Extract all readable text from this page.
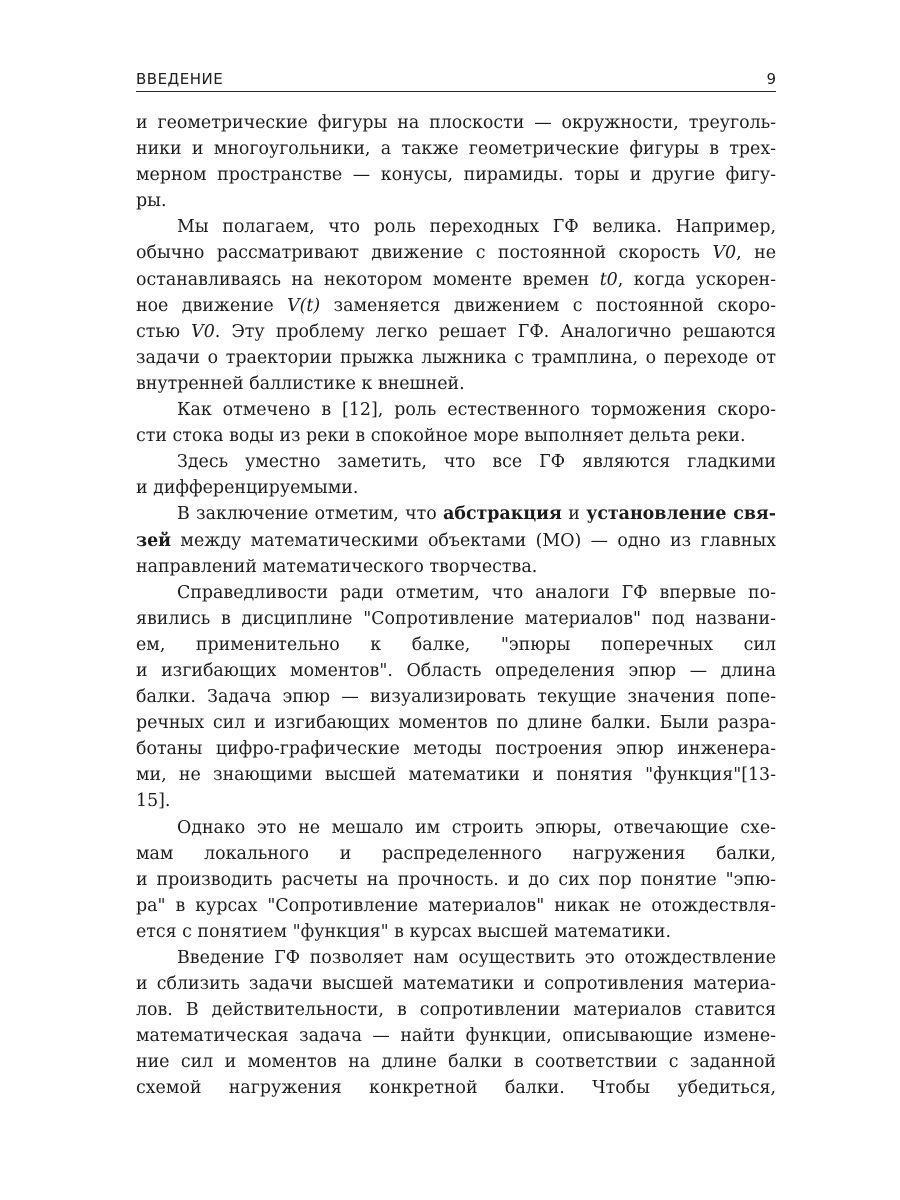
ВВЕДЕНИЕ	9
и геометрические фигуры на плоскости — окружности, треуголь-
ники и многоугольники, а также геометрические фигуры в трех-
мерном пространстве — конусы, пирамиды. торы и другие фигу-
ры.
Мы полагаем, что роль переходных ГФ велика. Например,
обычно рассматривают движение с постоянной скорость V0, не
останавливаясь на некотором моменте времен t0, когда ускорен-
ное движение V(t) заменяется движением с постоянной скоро-
стью V0. Эту проблему легко решает ГФ. Аналогично решаются
задачи о траектории прыжка лыжника с трамплина, о переходе от
внутренней баллистике к внешней.
Как отмечено в [12], роль естественного торможения скоро-
сти стока воды из реки в спокойное море выполняет дельта реки.
Здесь уместно заметить, что все ГФ являются гладкими
и дифференцируемыми.
В заключение отметим, что абстракция и установление свя-
зей между математическими объектами (МО) — одно из главных
направлений математического творчества.
Справедливости ради отметим, что аналоги ГФ впервые по-
явились в дисциплине "Сопротивление материалов" под названи-
ем, применительно к балке, "эпюры поперечных сил
и изгибающих моментов". Область определения эпюр — длина
балки. Задача эпюр — визуализировать текущие значения попе-
речных сил и изгибающих моментов по длине балки. Были разра-
ботаны цифро-графические методы построения эпюр инженера-
ми, не знающими высшей математики и понятия "функция"[13-
15].
Однако это не мешало им строить эпюры, отвечающие схе-
мам локального и распределенного нагружения балки,
и производить расчеты на прочность. и до сих пор понятие "эпю-
ра" в курсах "Сопротивление материалов" никак не отождествля-
ется с понятием "функция" в курсах высшей математики.
Введение ГФ позволяет нам осуществить это отождествление
и сблизить задачи высшей математики и сопротивления материа-
лов. В действительности, в сопротивлении материалов ставится
математическая задача — найти функции, описывающие измене-
ние сил и моментов на длине балки в соответствии с заданной
схемой нагружения конкретной балки. Чтобы убедиться,
